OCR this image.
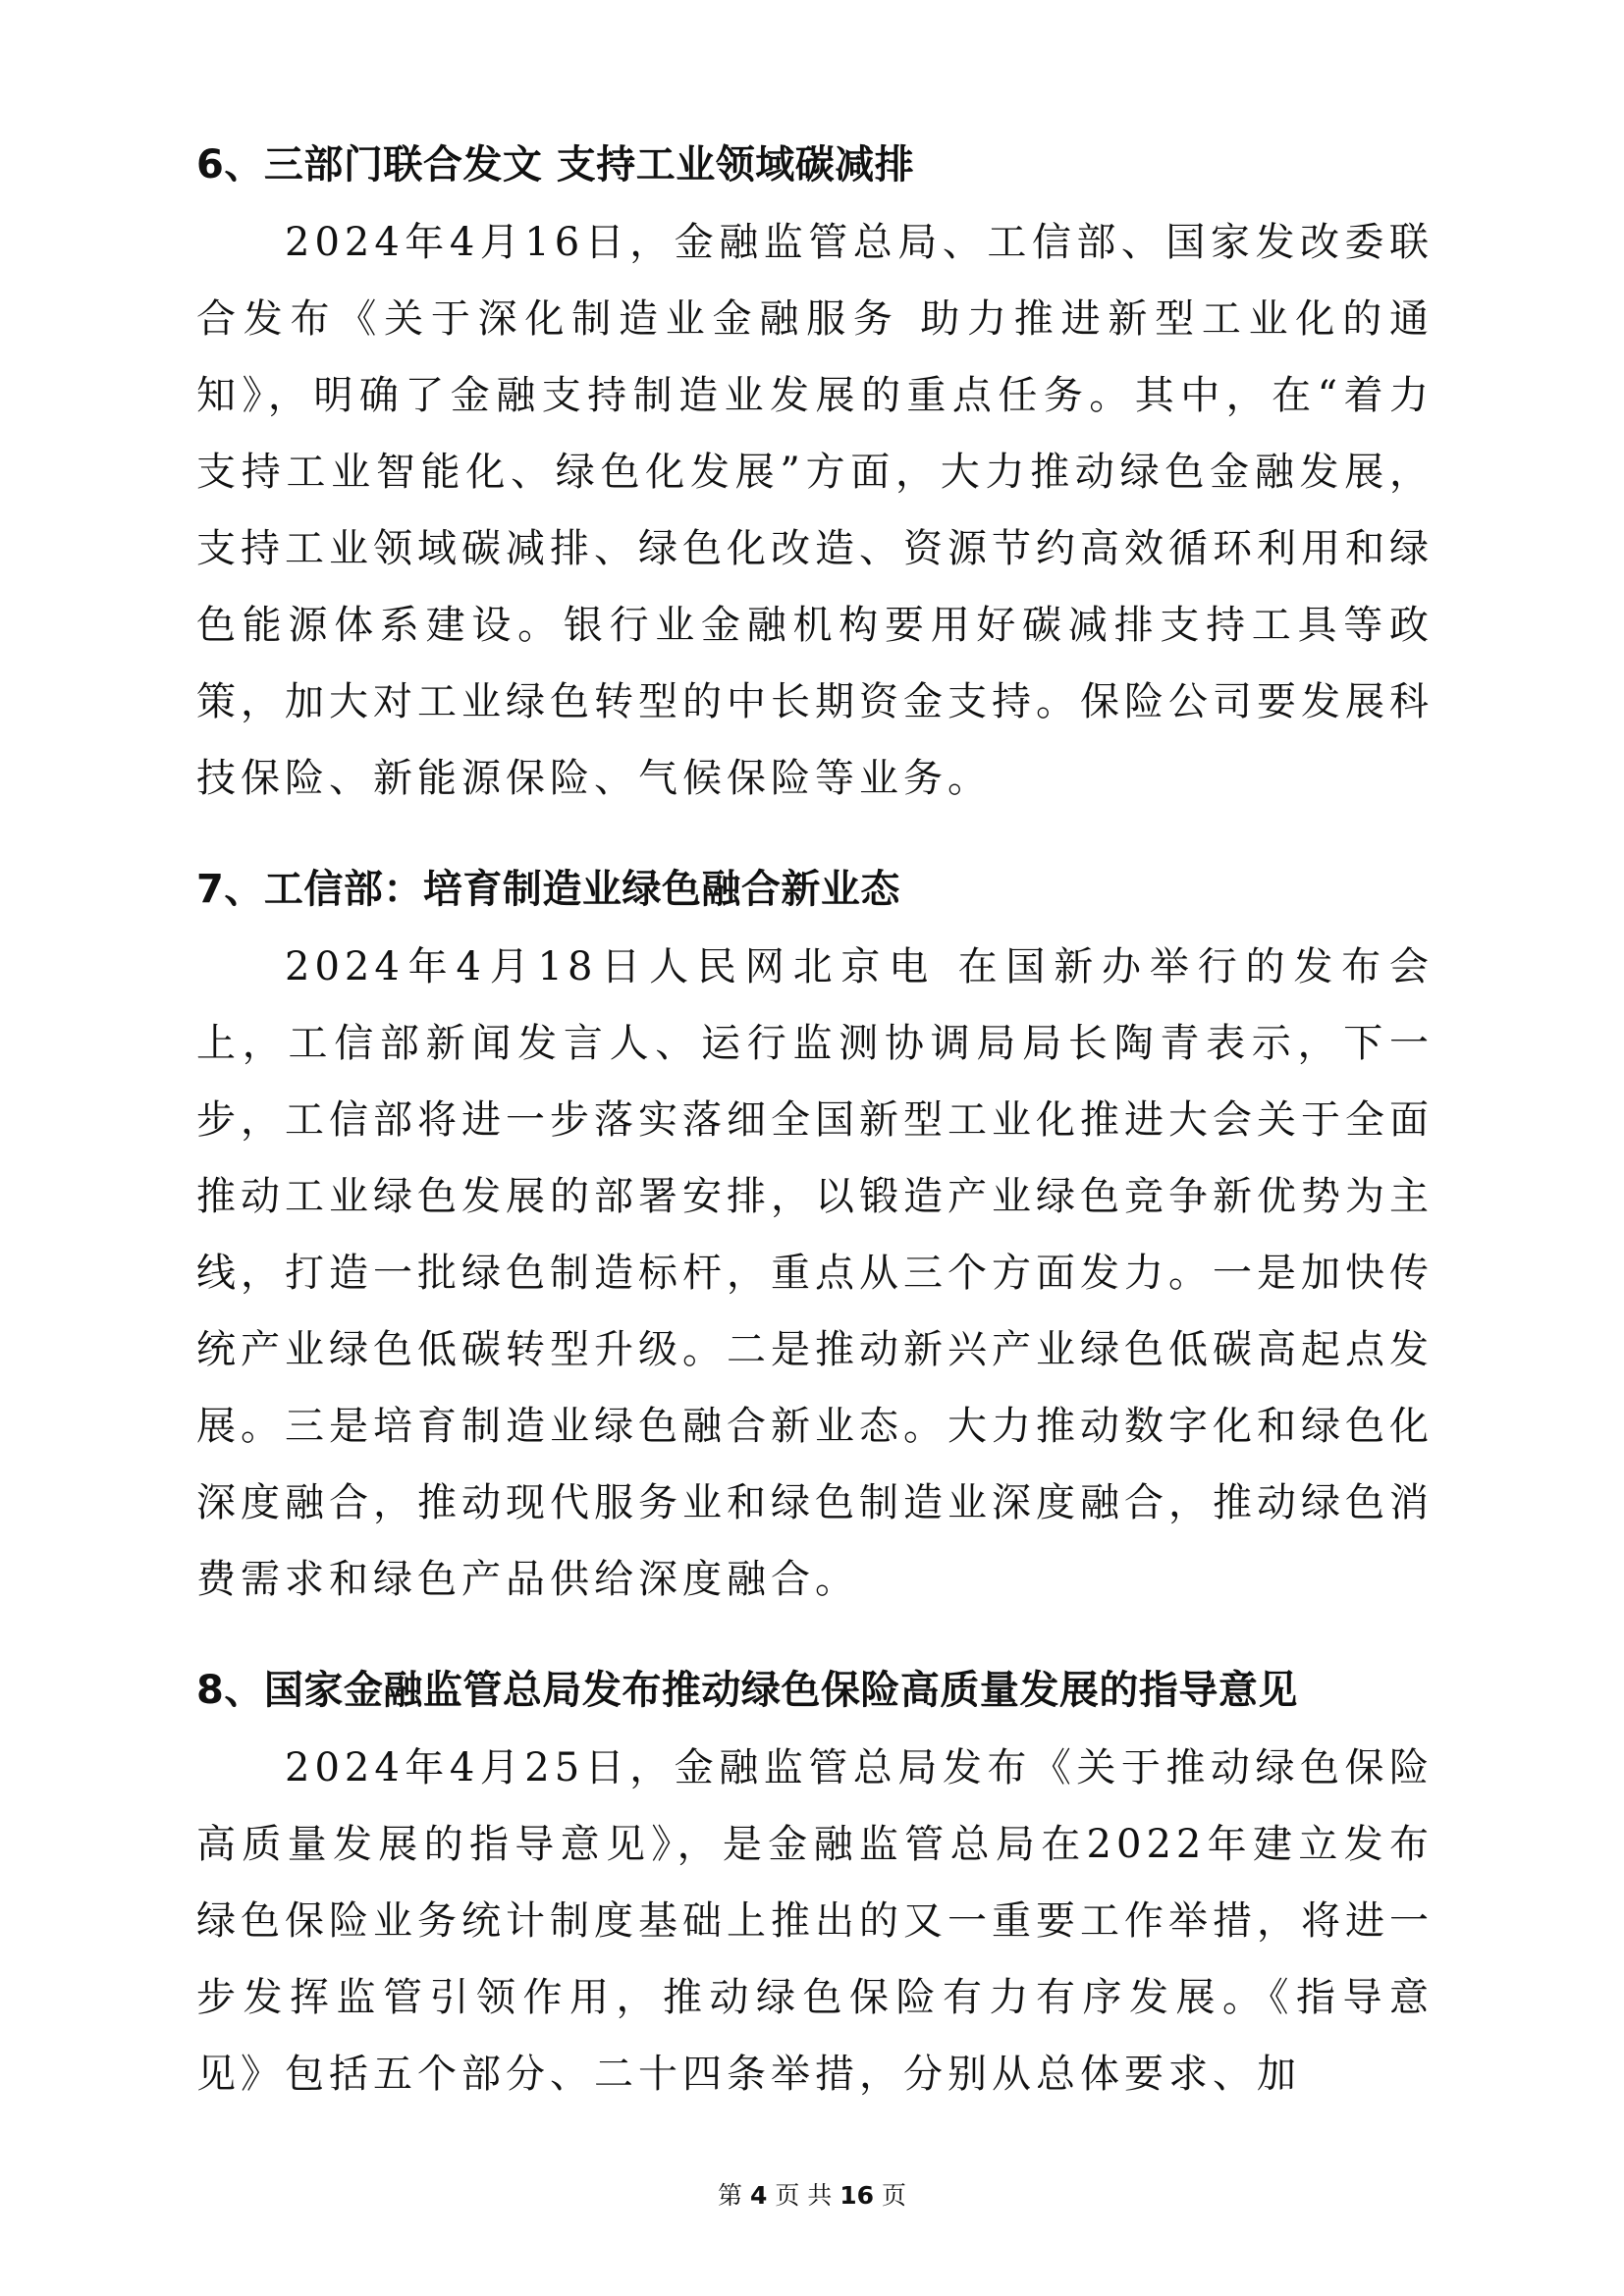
6、三部门联合发文 支持工业领域碳减排

2024年4月16日，金融监管总局、工信部、国家发改委联合发布《关于深化制造业金融服务 助力推进新型工业化的通知》，明确了金融支持制造业发展的重点任务。其中，在“着力支持工业智能化、绿色化发展”方面，大力推动绿色金融发展，支持工业领域碳减排、绿色化改造、资源节约高效循环利用和绿色能源体系建设。银行业金融机构要用好碳减排支持工具等政策，加大对工业绿色转型的中长期资金支持。保险公司要发展科技保险、新能源保险、气候保险等业务。

7、工信部：培育制造业绿色融合新业态

2024年4月18日人民网北京电 在国新办举行的发布会上，工信部新闻发言人、运行监测协调局局长陶青表示，下一步，工信部将进一步落实落细全国新型工业化推进大会关于全面推动工业绿色发展的部署安排，以锻造产业绿色竞争新优势为主线，打造一批绿色制造标杆，重点从三个方面发力。一是加快传统产业绿色低碳转型升级。二是推动新兴产业绿色低碳高起点发展。三是培育制造业绿色融合新业态。大力推动数字化和绿色化深度融合，推动现代服务业和绿色制造业深度融合，推动绿色消费需求和绿色产品供给深度融合。

8、国家金融监管总局发布推动绿色保险高质量发展的指导意见

2024年4月25日，金融监管总局发布《关于推动绿色保险高质量发展的指导意见》，是金融监管总局在2022年建立发布绿色保险业务统计制度基础上推出的又一重要工作举措，将进一步发挥监管引领作用，推动绿色保险有力有序发展。《指导意见》包括五个部分、二十四条举措，分别从总体要求、加

第 4 页 共 16 页
